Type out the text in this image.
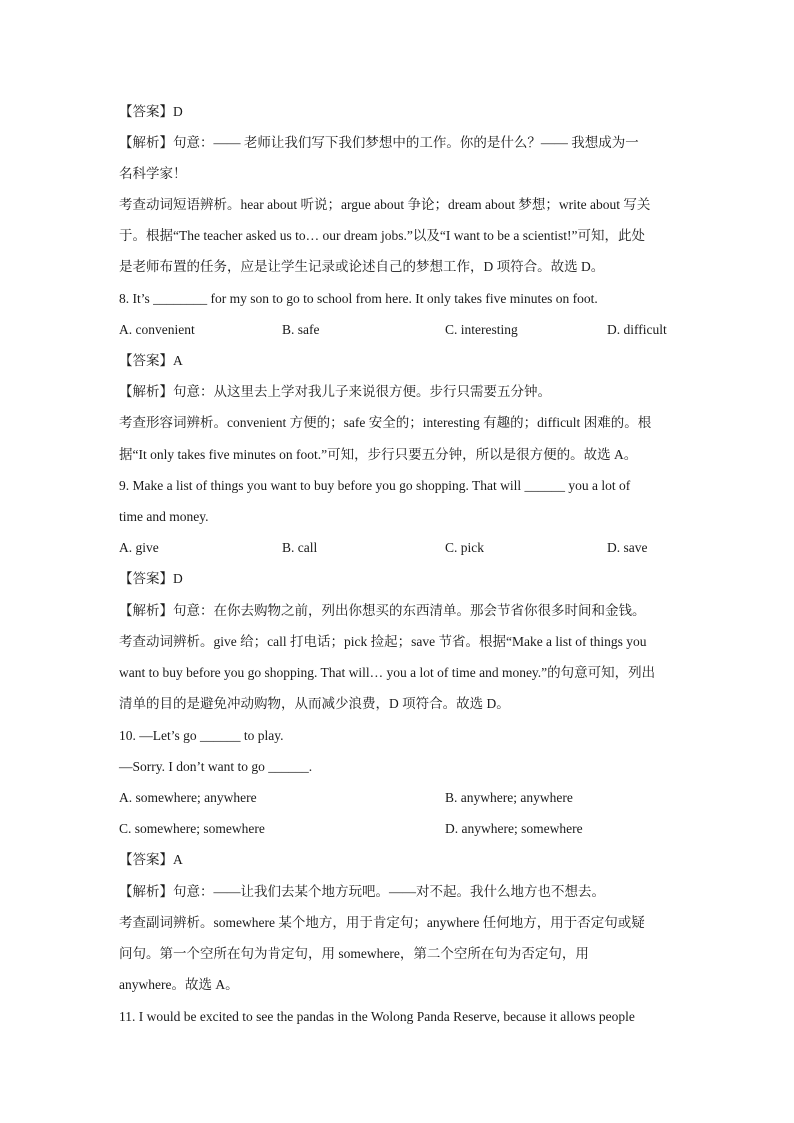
【答案】D
【解析】句意：—— 老师让我们写下我们梦想中的工作。你的是什么？—— 我想成为一
名科学家！
考查动词短语辨析。hear about 听说；argue about 争论；dream about 梦想；write about 写关
于。根据“The teacher asked us to… our dream jobs.”以及“I want to be a scientist!”可知，此处
是老师布置的任务，应是让学生记录或论述自己的梦想工作，D 项符合。故选 D。
8. It’s ________ for my son to go to school from here. It only takes five minutes on foot.
A. convenient	B. safe	C. interesting	D. difficult
【答案】A
【解析】句意：从这里去上学对我儿子来说很方便。步行只需要五分钟。
考查形容词辨析。convenient 方便的；safe 安全的；interesting 有趣的；difficult 困难的。根
据“It only takes five minutes on foot.”可知，步行只要五分钟，所以是很方便的。故选 A。
9. Make a list of things you want to buy before you go shopping. That will ______ you a lot of
time and money.
A. give	B. call	C. pick	D. save
【答案】D
【解析】句意：在你去购物之前，列出你想买的东西清单。那会节省你很多时间和金钱。
考查动词辨析。give 给；call 打电话；pick 捡起；save 节省。根据“Make a list of things you
want to buy before you go shopping. That will… you a lot of time and money.”的句意可知，列出
清单的目的是避免冲动购物，从而减少浪费，D 项符合。故选 D。
10. —Let’s go ______ to play.
—Sorry. I don’t want to go ______.
A. somewhere; anywhere	B. anywhere; anywhere
C. somewhere; somewhere	D. anywhere; somewhere
【答案】A
【解析】句意：——让我们去某个地方玩吧。——对不起。我什么地方也不想去。
考查副词辨析。somewhere 某个地方，用于肯定句；anywhere 任何地方，用于否定句或疑
问句。第一个空所在句为肯定句，用 somewhere，第二个空所在句为否定句，用
anywhere。故选 A。
11. I would be excited to see the pandas in the Wolong Panda Reserve, because it allows people
